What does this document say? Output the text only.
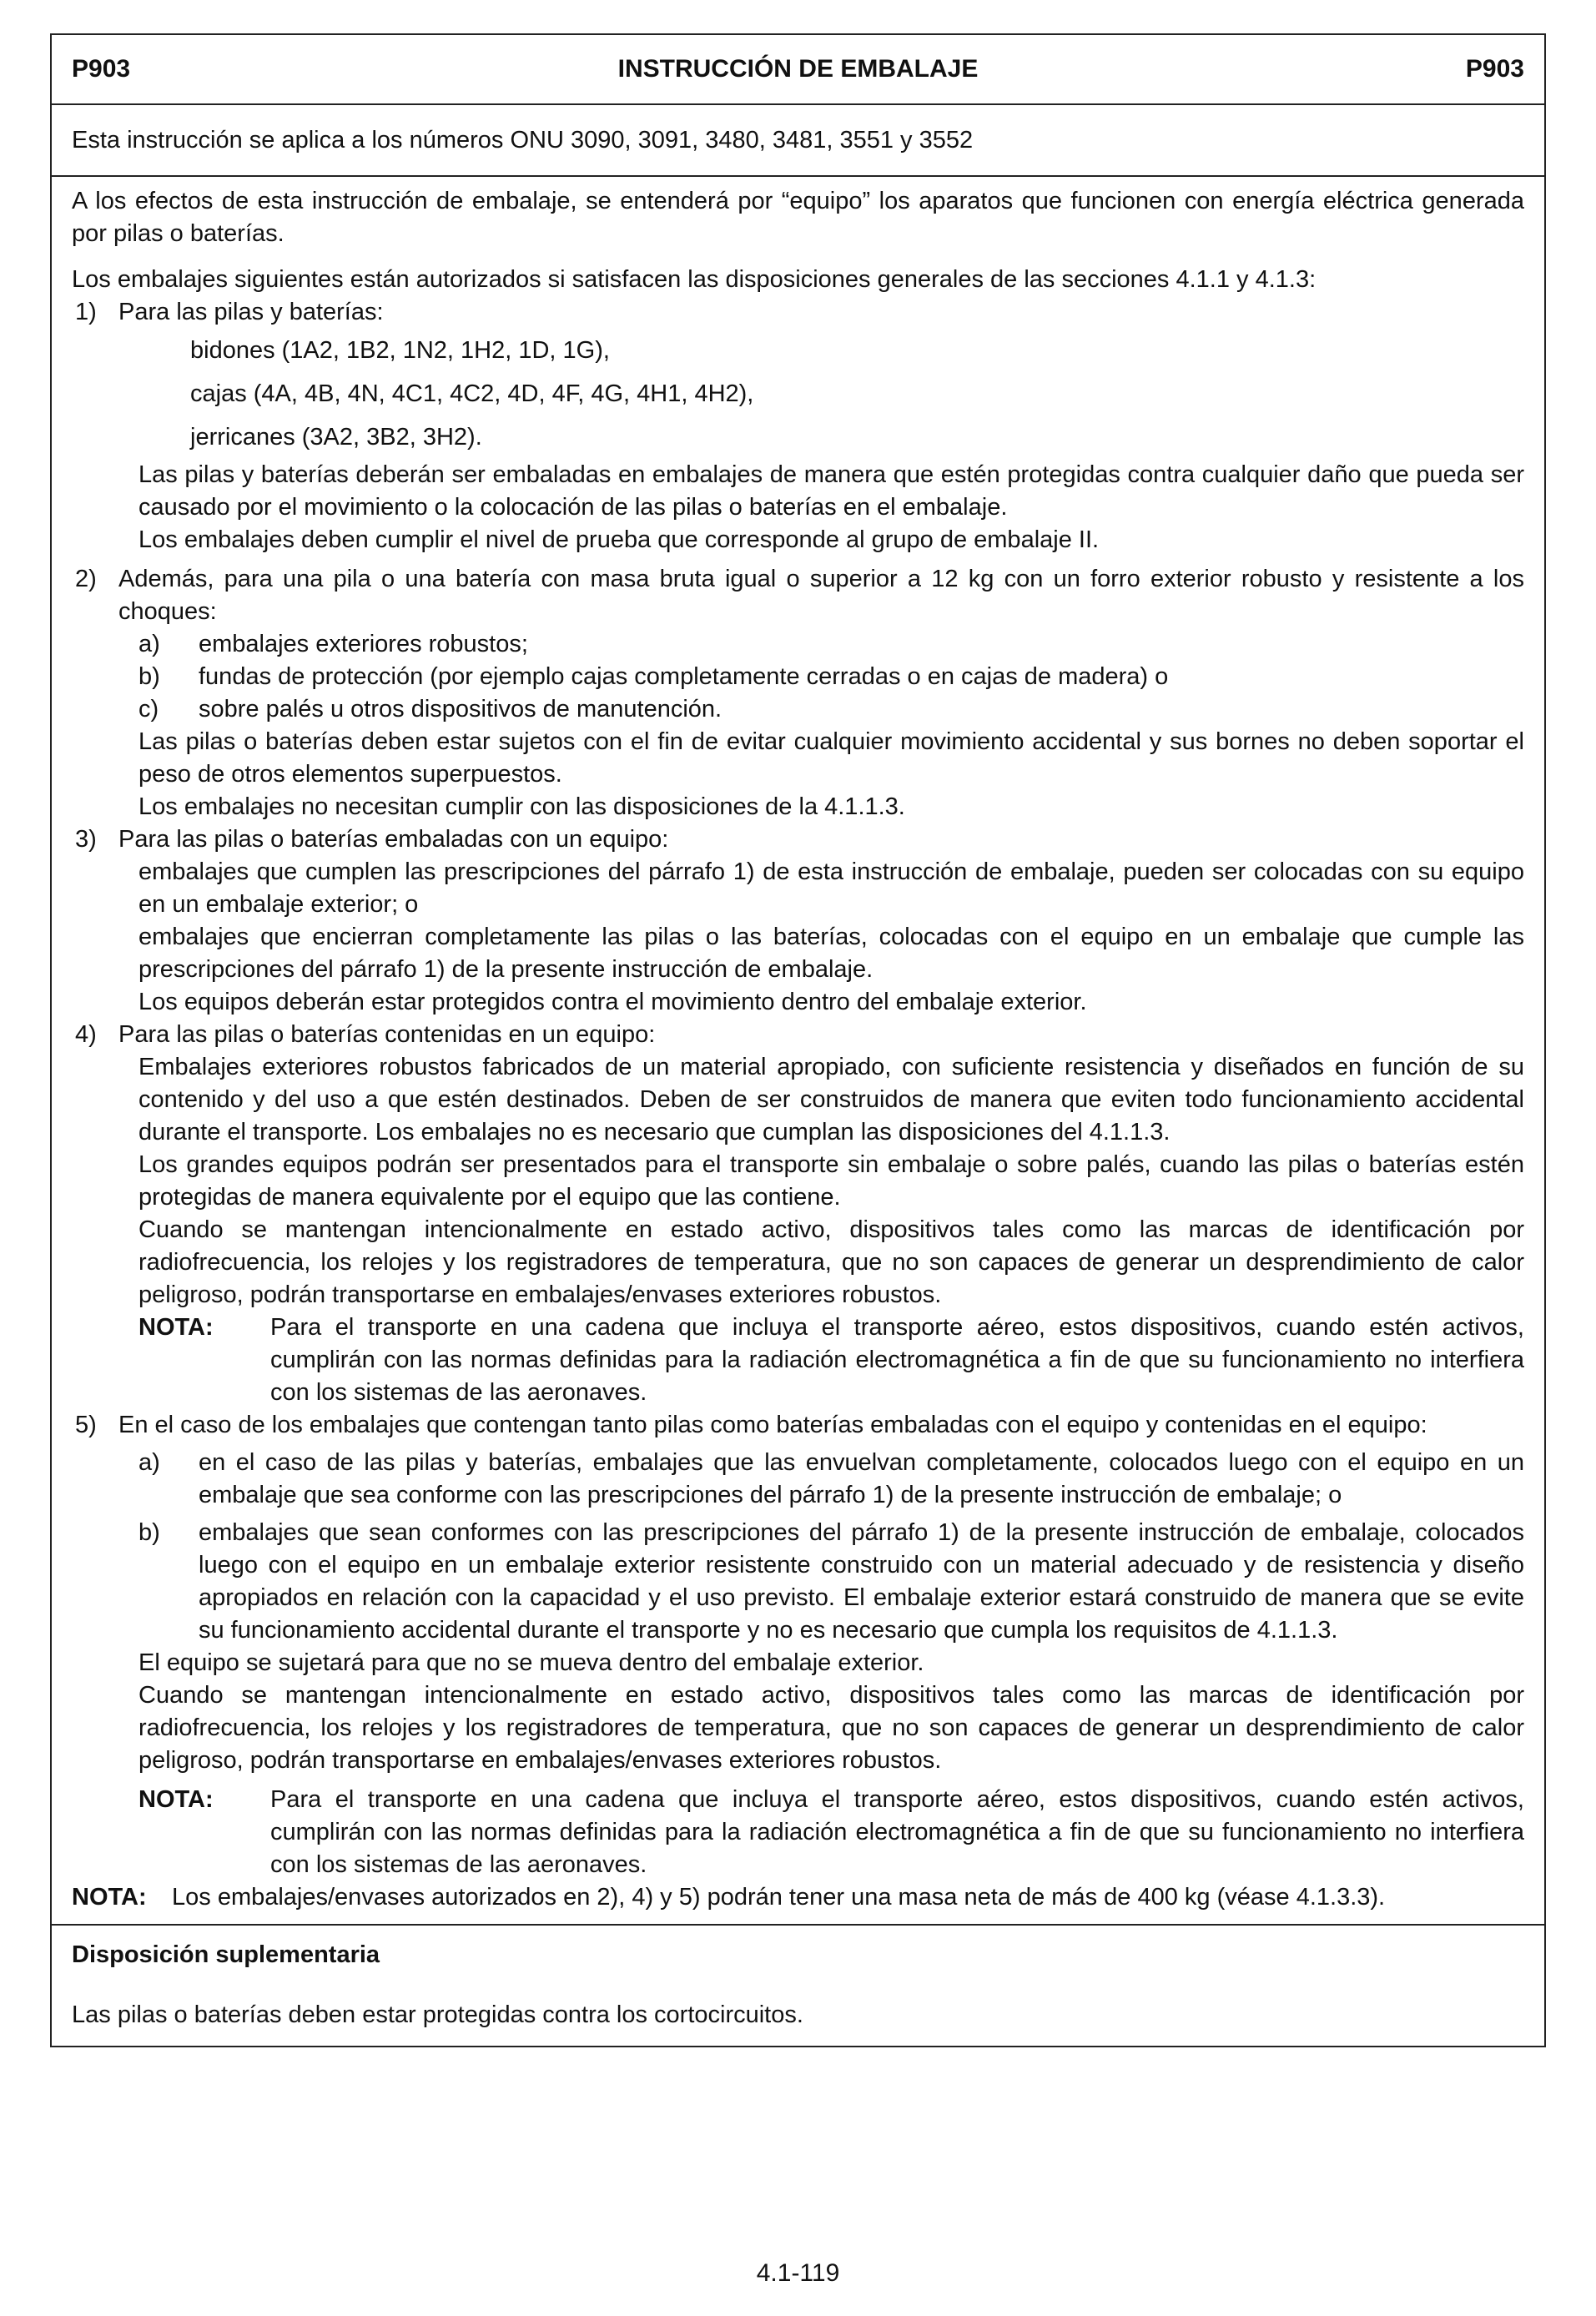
P903	INSTRUCCIÓN DE EMBALAJE	P903
Esta instrucción se aplica a los números ONU 3090, 3091, 3480, 3481, 3551 y 3552

A los efectos de esta instrucción de embalaje, se entenderá por “equipo” los aparatos que funcionen con energía eléctrica generada por pilas o baterías.

Los embalajes siguientes están autorizados si satisfacen las disposiciones generales de las secciones 4.1.1 y 4.1.3:

1) Para las pilas y baterías:
bidones (1A2, 1B2, 1N2, 1H2, 1D, 1G),
cajas (4A, 4B, 4N, 4C1, 4C2, 4D, 4F, 4G, 4H1, 4H2),
jerricanes (3A2, 3B2, 3H2).

Las pilas y baterías deberán ser embaladas en embalajes de manera que estén protegidas contra cualquier daño que pueda ser causado por el movimiento o la colocación de las pilas o baterías en el embalaje.

Los embalajes deben cumplir el nivel de prueba que corresponde al grupo de embalaje II.

2) Además, para una pila o una batería con masa bruta igual o superior a 12 kg con un forro exterior robusto y resistente a los choques:
a)	embalajes exteriores robustos;
b)	fundas de protección (por ejemplo cajas completamente cerradas o en cajas de madera) o
c)	sobre palés u otros dispositivos de manutención.

Las pilas o baterías deben estar sujetos con el fin de evitar cualquier movimiento accidental y sus bornes no deben soportar el peso de otros elementos superpuestos.

Los embalajes no necesitan cumplir con las disposiciones de la 4.1.1.3.

3) Para las pilas o baterías embaladas con un equipo:

embalajes que cumplen las prescripciones del párrafo 1) de esta instrucción de embalaje, pueden ser colocadas con su equipo en un embalaje exterior; o

embalajes que encierran completamente las pilas o las baterías, colocadas con el equipo en un embalaje que cumple las prescripciones del párrafo 1) de la presente instrucción de embalaje.

Los equipos deberán estar protegidos contra el movimiento dentro del embalaje exterior.

4) Para las pilas o baterías contenidas en un equipo:

Embalajes exteriores robustos fabricados de un material apropiado, con suficiente resistencia y diseñados en función de su contenido y del uso a que estén destinados. Deben de ser construidos de manera que eviten todo funcionamiento accidental durante el transporte. Los embalajes no es necesario que cumplan las disposiciones del 4.1.1.3.

Los grandes equipos podrán ser presentados para el transporte sin embalaje o sobre palés, cuando las pilas o baterías estén protegidas de manera equivalente por el equipo que las contiene.

Cuando se mantengan intencionalmente en estado activo, dispositivos tales como las marcas de identificación por radiofrecuencia, los relojes y los registradores de temperatura, que no son capaces de generar un desprendimiento de calor peligroso, podrán transportarse en embalajes/envases exteriores robustos.

NOTA:	Para el transporte en una cadena que incluya el transporte aéreo, estos dispositivos, cuando estén activos, cumplirán con las normas definidas para la radiación electromagnética a fin de que su funcionamiento no interfiera con los sistemas de las aeronaves.
5) En el caso de los embalajes que contengan tanto pilas como baterías embaladas con el equipo y contenidas en el equipo:
a)	en el caso de las pilas y baterías, embalajes que las envuelvan completamente, colocados luego con el equipo en un embalaje que sea conforme con las prescripciones del párrafo 1) de la presente instrucción de embalaje; o
b)	embalajes que sean conformes con las prescripciones del párrafo 1) de la presente instrucción de embalaje, colocados luego con el equipo en un embalaje exterior resistente construido con un material adecuado y de resistencia y diseño apropiados en relación con la capacidad y el uso previsto. El embalaje exterior estará construido de manera que se evite su funcionamiento accidental durante el transporte y no es necesario que cumpla los requisitos de 4.1.1.3.

El equipo se sujetará para que no se mueva dentro del embalaje exterior.

Cuando se mantengan intencionalmente en estado activo, dispositivos tales como las marcas de identificación por radiofrecuencia, los relojes y los registradores de temperatura, que no son capaces de generar un desprendimiento de calor peligroso, podrán transportarse en embalajes/envases exteriores robustos.

NOTA:	Para el transporte en una cadena que incluya el transporte aéreo, estos dispositivos, cuando estén activos, cumplirán con las normas definidas para la radiación electromagnética a fin de que su funcionamiento no interfiera con los sistemas de las aeronaves.
NOTA:	Los embalajes/envases autorizados en 2), 4) y 5) podrán tener una masa neta de más de 400 kg (véase 4.1.3.3).
Disposición suplementaria
Las pilas o baterías deben estar protegidas contra los cortocircuitos.
4.1-119
